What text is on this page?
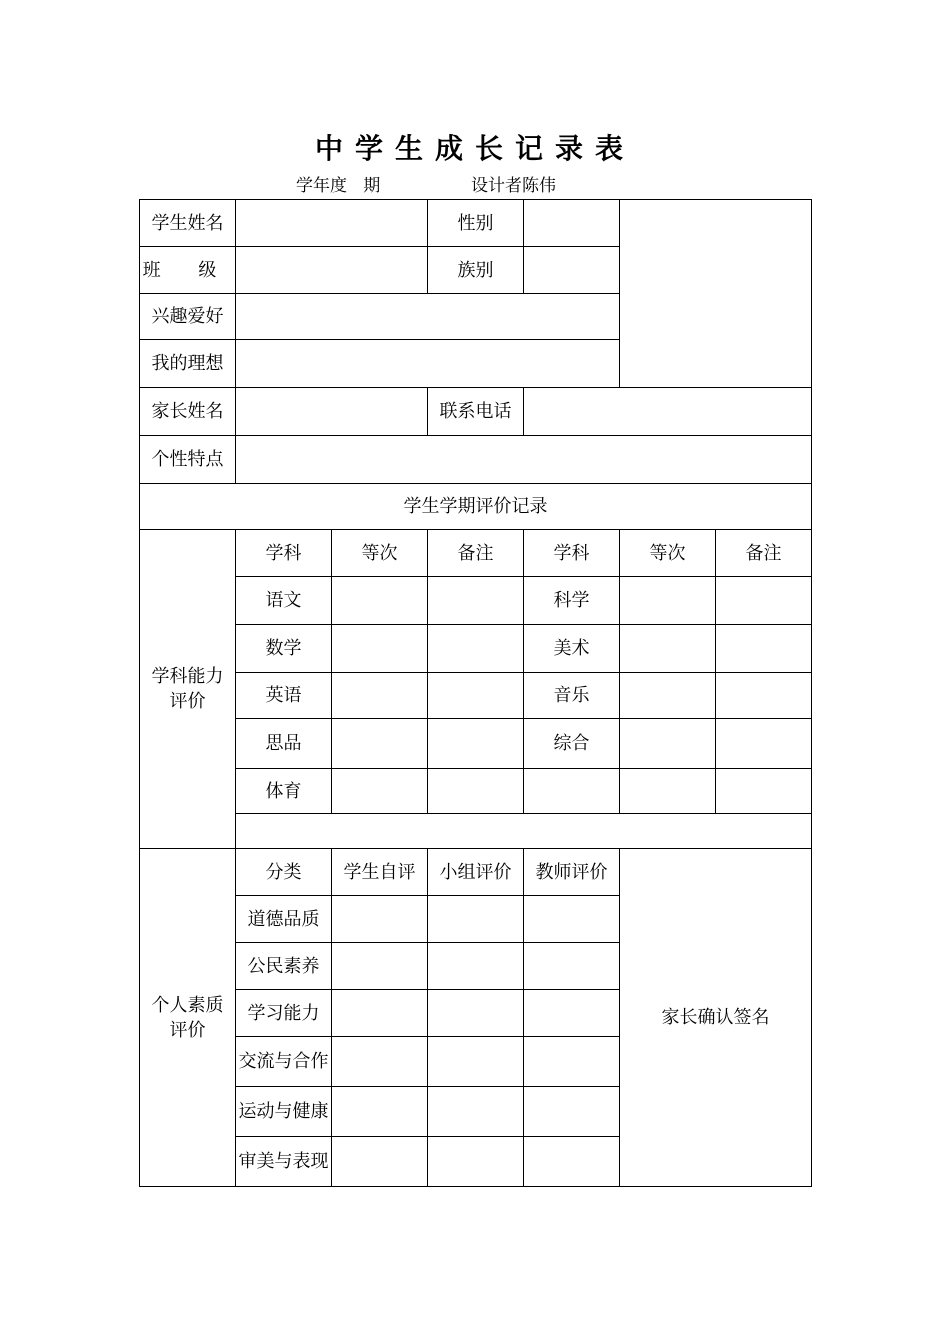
中学生成长记录表
学年度   期	设计者陈伟
学生姓名			性别			
班 级			族别			
兴趣爱好						
我的理想						
家长姓名			联系电话			
个性特点						
学生学期评价记录						
学科能力评价	学科	等次	备注	学科	等次	备注
	语文			科学		
	数学			美术		
	英语			音乐		
	思品			综合		
	体育					

个人素质评价	分类	学生自评	小组评价	教师评价	家长确认签名	
	道德品质					
	公民素养					
	学习能力					
	交流与合作					
	运动与健康					
	审美与表现					
